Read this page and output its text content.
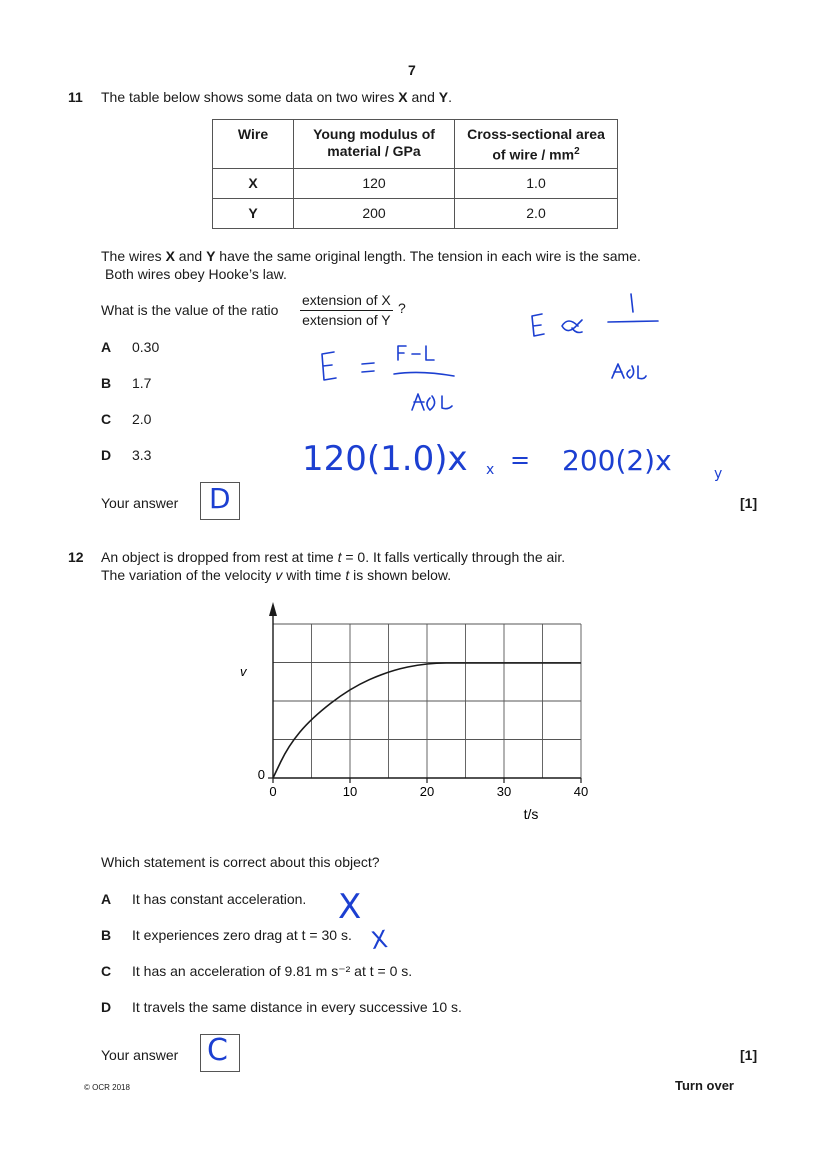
7
11 The table below shows some data on two wires X and Y.
Wire	Young modulus of material / GPa	Cross-sectional area of wire / $mm^2$
X	120	1.0
Y	200	2.0
The wires X and Y have the same original length. The tension in each wire is the same.
Both wires obey Hooke’s law.
What is the value of the ratio
extension of X
extension of Y
?
A 0.30
B 1.7
C 2.0
D 3.3	120(1.0)x x = 200(2)x	y
Your answer D	[1]
12 An object is dropped from rest at time t = 0. It falls vertically through the air.
The variation of the velocity v with time t is shown below.
0	10	20	30	40
0
v
t/s
Which statement is correct about this object?
A It has constant acceleration.
B It experiences zero drag at t = 30 s.
C It has an acceleration of 9.81 m s⁻² at t = 0 s.
D It travels the same distance in every successive 10 s.
X
X
Your answer C	[1]
© OCR 2018	Turn over
